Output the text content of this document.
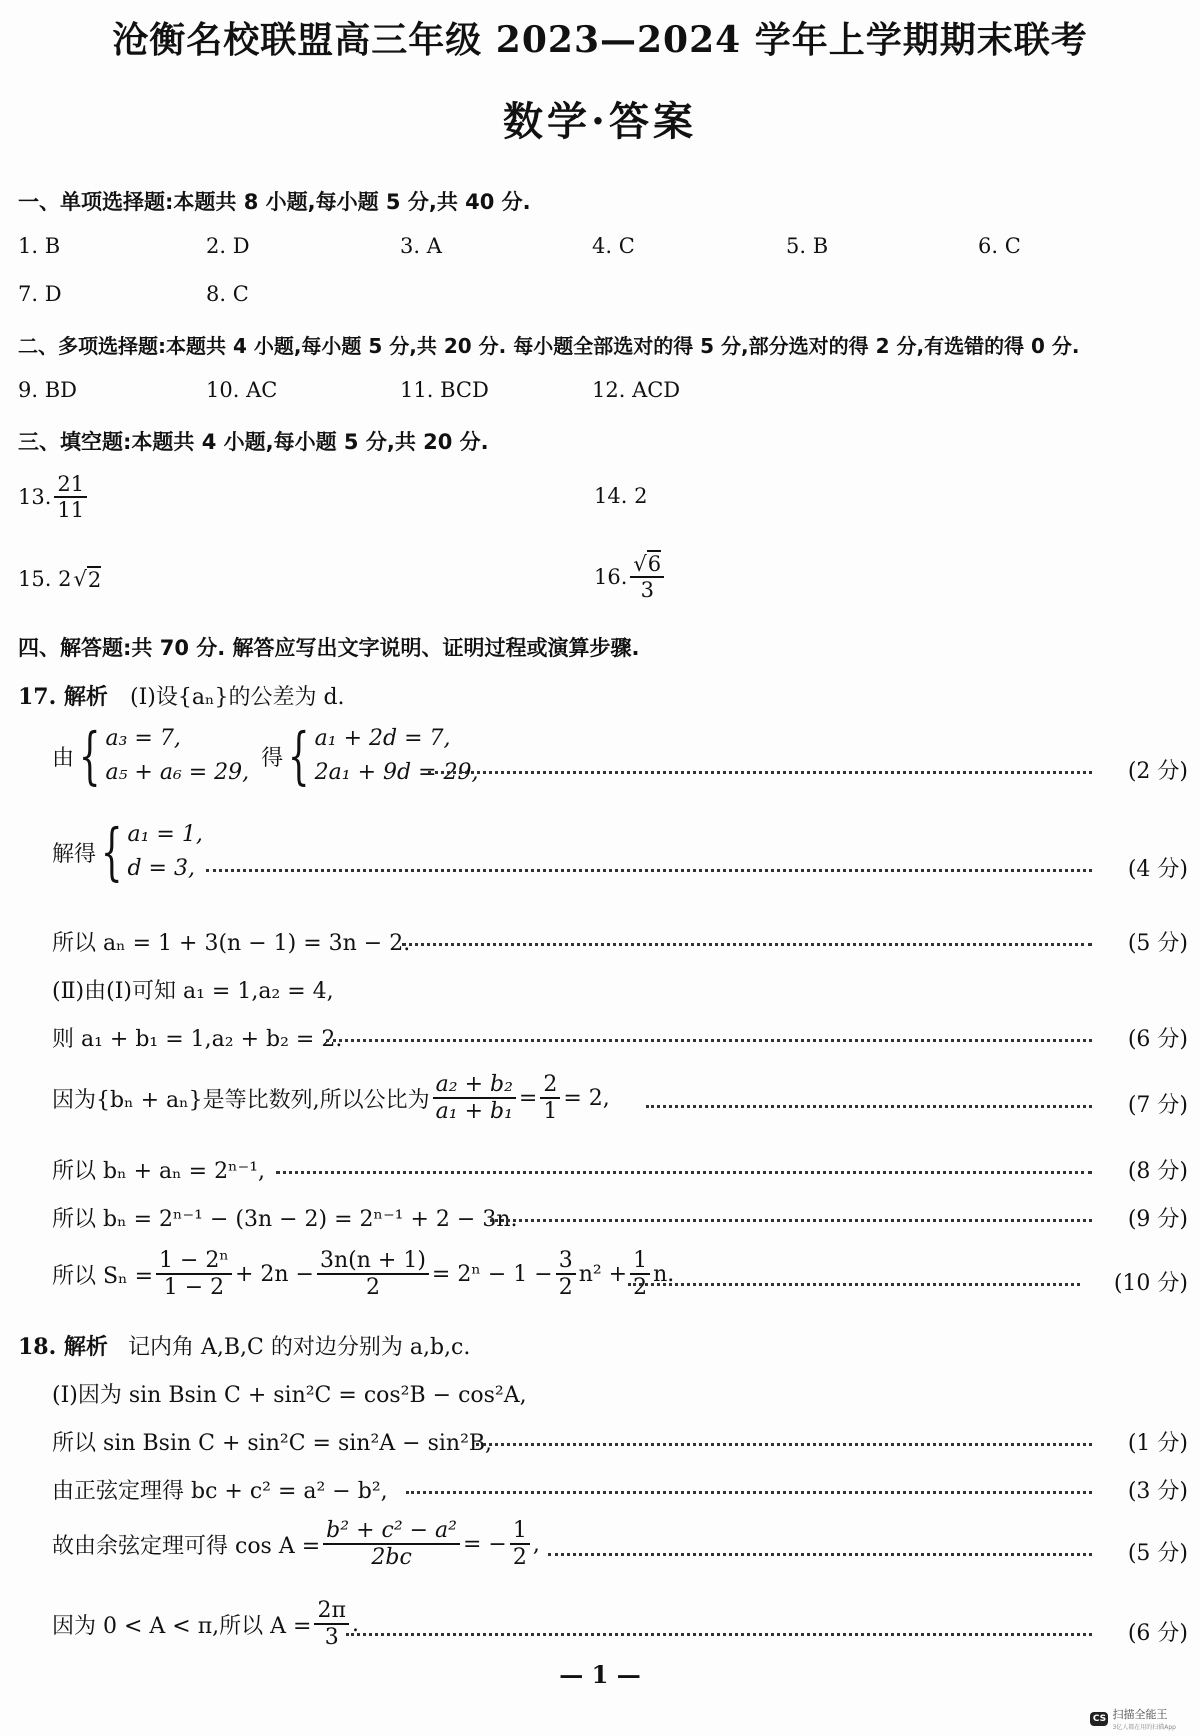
沧衡名校联盟高三年级 2023—2024 学年上学期期末联考
数学·答案
一、单项选择题:本题共 8 小题,每小题 5 分,共 40 分.
1. B	2. D	3. A	4. C	5. B	6. C
7. D	8. C
二、多项选择题:本题共 4 小题,每小题 5 分,共 20 分. 每小题全部选对的得 5 分,部分选对的得 2 分,有选错的得 0 分.
9. BD	10. AC	11. BCD	12. ACD
三、填空题:本题共 4 小题,每小题 5 分,共 20 分.
13. $\frac{21}{11}$	14. 2
15. 2 √ 2	16. $\frac{√6}{3}$
四、解答题:共 70 分. 解答应写出文字说明、证明过程或演算步骤.
17. 解析 (Ⅰ)设{aₙ}的公差为 d.
由 { a₃ = 7,
a₅ + a₆ = 29,
得 { a₁ + 2d = 7,
2a₁ + 9d = 29,	(2 分)
解得 { a₁ = 1,
d = 3,	(4 分)
所以 aₙ = 1 + 3(n − 1) = 3n − 2.	(5 分)
(Ⅱ)由(Ⅰ)可知 a₁ = 1,a₂ = 4,
则 a₁ + b₁ = 1,a₂ + b₂ = 2.	(6 分)
因为{bₙ + aₙ}是等比数列,所以公比为 $\frac{\text{a₂ + b₂}}{\text{a₁ + b₁}} = \frac{2}{1} = 2$,	(7 分)
所以 bₙ + aₙ = 2ⁿ⁻¹,	(8 分)
所以 bₙ = 2ⁿ⁻¹ − (3n − 2) = 2ⁿ⁻¹ + 2 − 3n.	(9 分)
所以 $S_n = \frac{\text{1 − 2ⁿ}}{1 - 2} + 2n - \frac{3n(n + 1)}{2} = 2^n - 1 - \frac{3}{2} n^2 + \frac{1}{2} n$.	(10 分)
18. 解析 记内角 A,B,C 的对边分别为 a,b,c.
(Ⅰ)因为 sin Bsin C + sin²C = cos²B − cos²A,
所以 sin Bsin C + sin²C = sin²A − sin²B,	(1 分)
由正弦定理得 bc + c² = a² − b²,	(3 分)
故由余弦定理可得 $\cos A = \frac{\text{b² + c² − a²}}{2bc}$ = − $\frac{1}{2}$ ,	(5 分)
因为 0 < A < π,所以 $A = \frac{2\pi}{3}$ .	(6 分)
— 1 —
CS 扫描全能王
3亿人都在用的扫描App
